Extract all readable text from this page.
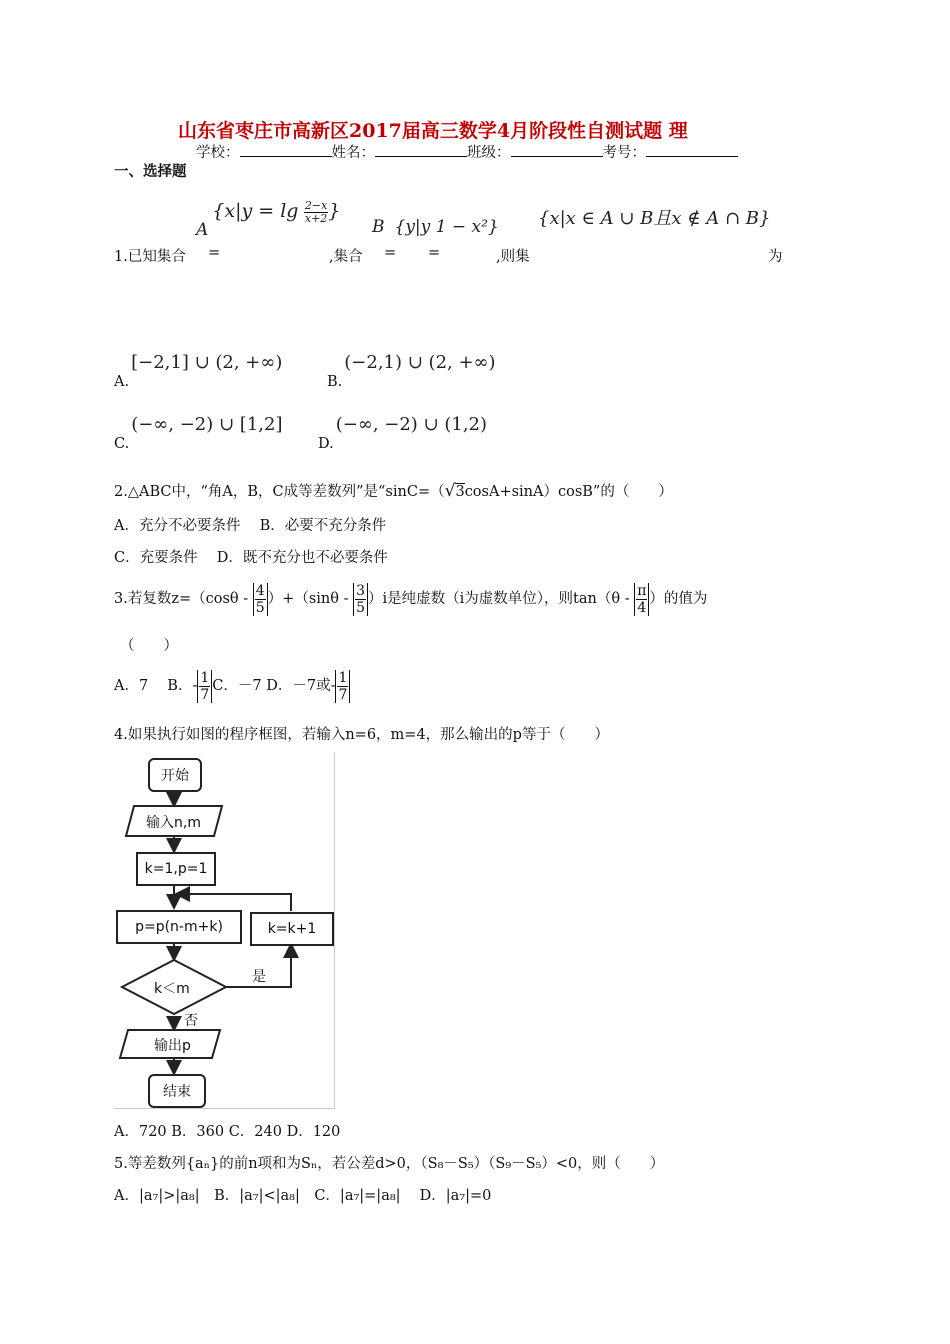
山东省枣庄市高新区2017届高三数学4月阶段性自测试题 理
学校：	姓名：	班级：	考号：
一、选择题
$A\{x|y = \lg \frac{2-x}{x+2}$ }
B {y|y 1 − x²} {x|x ∈ A ∪ B且x ∉ A ∩ B}
1.已知集合 =	,集合 = =	,则集	为
A.[−2,1] ∪ (2, +∞)
B.(−2,1) ∪ (2, +∞)
C.(−∞, −2) ∪ [1,2]
D.(−∞, −2) ∪ (1,2)
2.△ABC中，“角A，B，C成等差数列”是“sinC=（√3cosA+sinA）cosB”的（　　）
A．充分不必要条件　 B．必要不充分条件
C．充要条件　 D．既不充分也不必要条件
3.若复数$z=(\cos\theta - \frac{4}{5} )+(\sin\theta - \frac{3}{5} )i$是纯虚数（i为虚数单位），则$\tan(\theta - \frac{\pi}{4}$ ）的值为
（　　）
A．7　 B．- $\frac{1}{7}$ C．－7 D．－7或- $\frac{1}{7}$
4.如果执行如图的程序框图，若输入n=6，m=4，那么输出的p等于（　　）
开始
输入n,m
k=1,p=1
p=p(n-m+k)	k=k+1
k＜m
是
否
输出p
结束
A．720 B．360 C．240 D．120
5.等差数列{aₙ}的前n项和为Sₙ，若公差d>0，（S₈－S₅）（S₉－S₅）<0，则（　　）
A．|a₇|>|a₈|　B．|a₇|<|a₈|　C．|a₇|=|a₈|　 D．|a₇|=0
